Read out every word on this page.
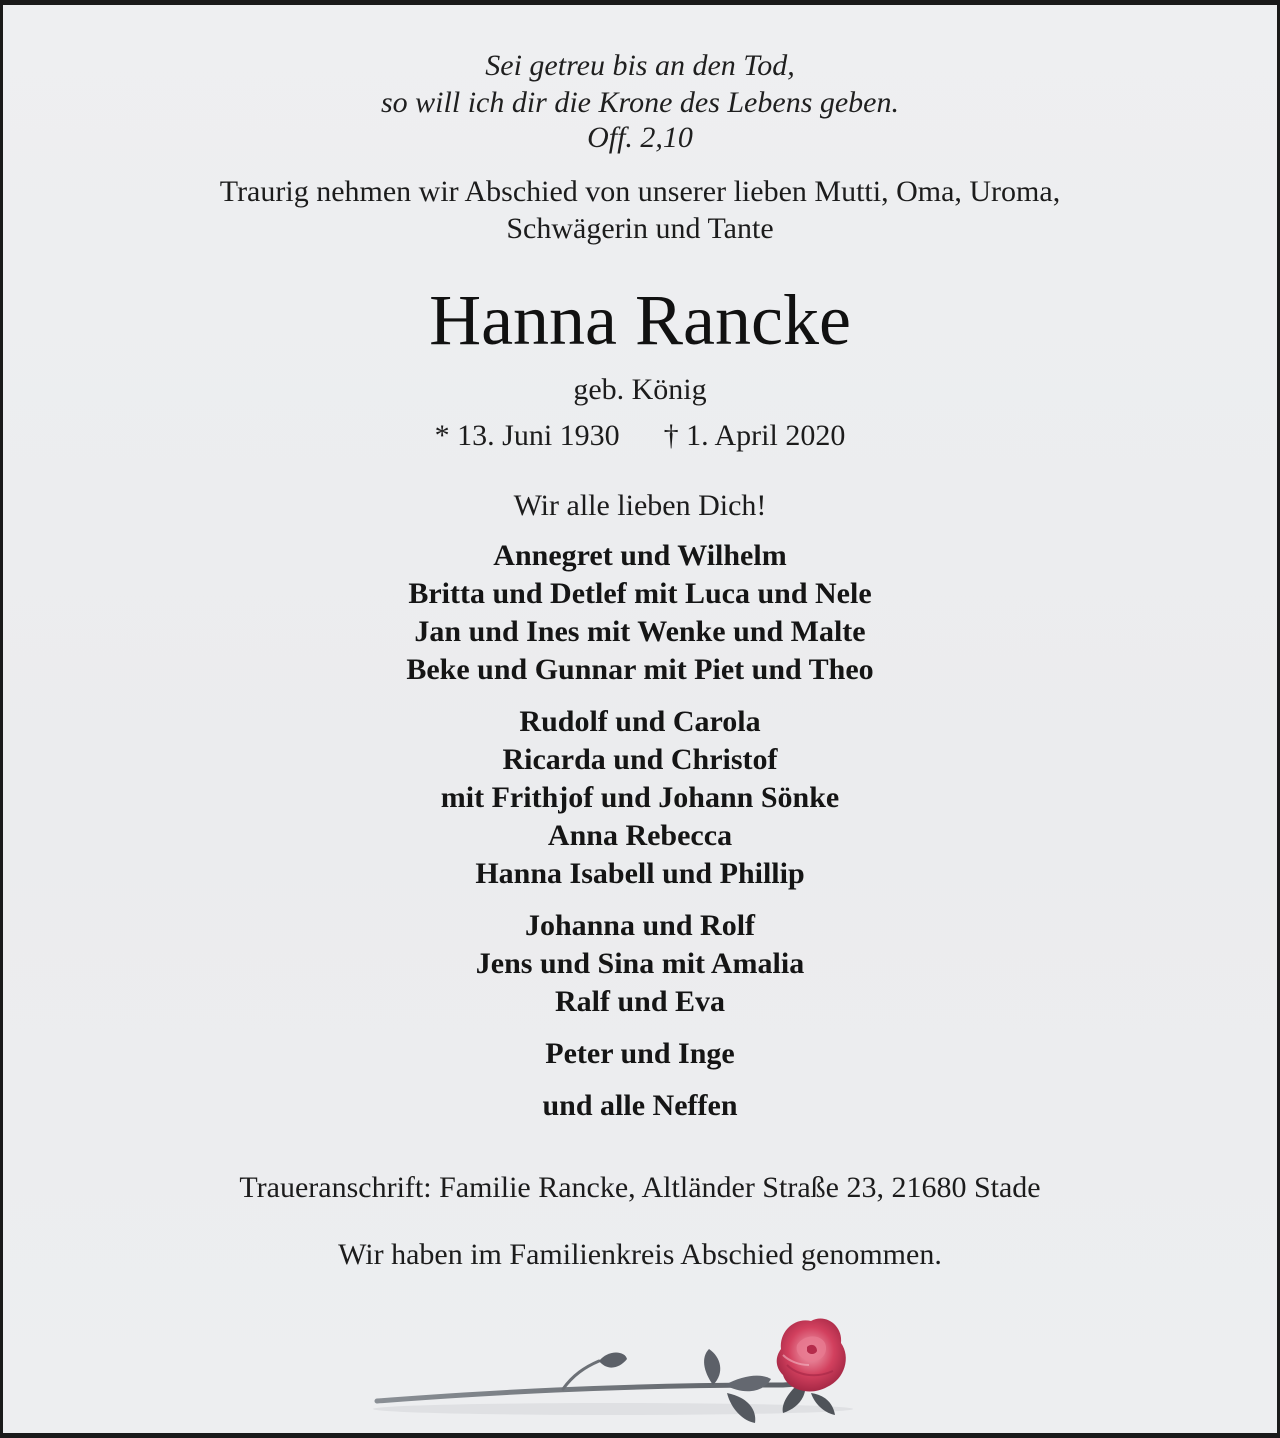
Sei getreu bis an den Tod,
so will ich dir die Krone des Lebens geben.
Off. 2,10
Traurig nehmen wir Abschied von unserer lieben Mutti, Oma, Uroma,
Schwägerin und Tante
Hanna Rancke
geb. König
* 13. Juni 1930 † 1. April 2020
Wir alle lieben Dich!
Annegret und Wilhelm
Britta und Detlef mit Luca und Nele
Jan und Ines mit Wenke und Malte
Beke und Gunnar mit Piet und Theo
Rudolf und Carola
Ricarda und Christof
mit Frithjof und Johann Sönke
Anna Rebecca
Hanna Isabell und Phillip
Johanna und Rolf
Jens und Sina mit Amalia
Ralf und Eva
Peter und Inge
und alle Neffen
Traueranschrift: Familie Rancke, Altländer Straße 23, 21680 Stade
Wir haben im Familienkreis Abschied genommen.
